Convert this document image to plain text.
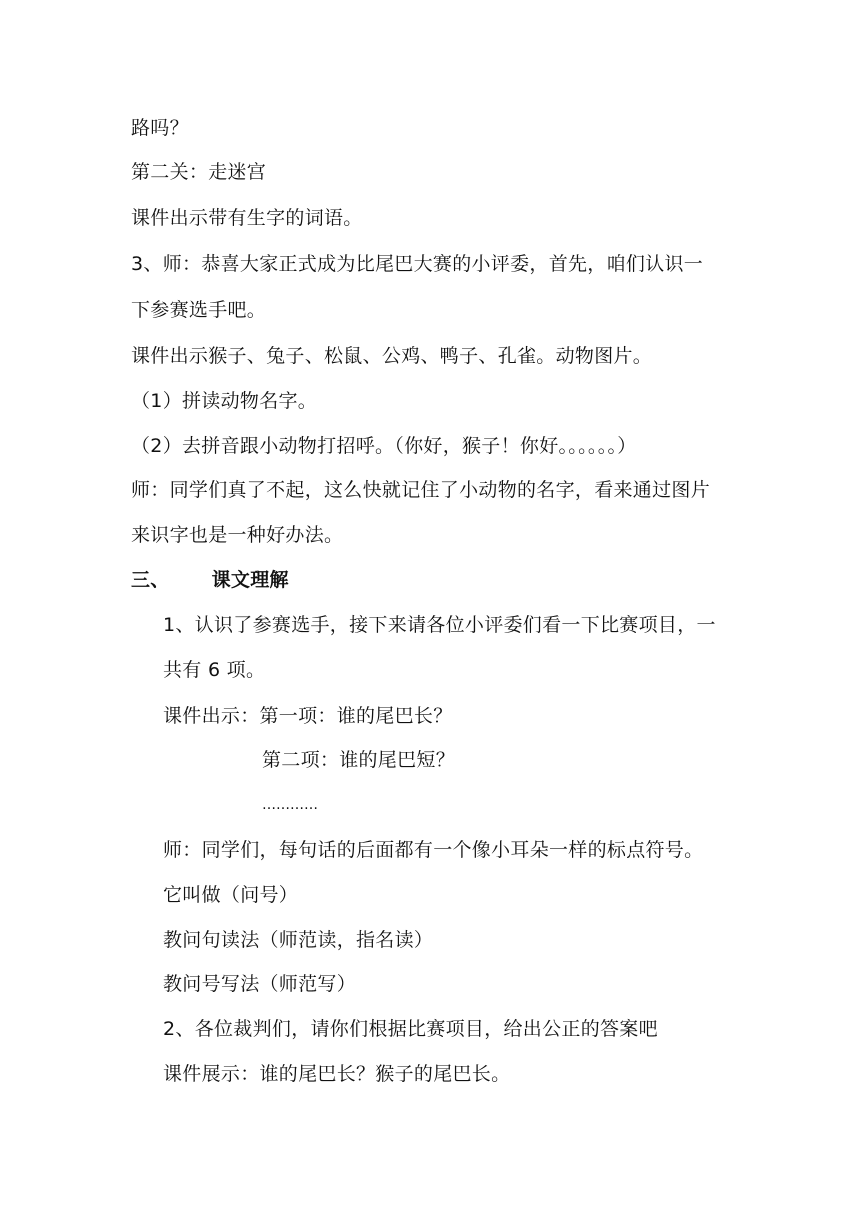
路吗？
第二关：走迷宫
课件出示带有生字的词语。
3、师：恭喜大家正式成为比尾巴大赛的小评委，首先，咱们认识一
下参赛选手吧。
课件出示猴子、兔子、松鼠、公鸡、鸭子、孔雀。动物图片。
（1）拼读动物名字。
（2）去拼音跟小动物打招呼。（你好，猴子！你好。。。。。。）
师：同学们真了不起，这么快就记住了小动物的名字，看来通过图片
来识字也是一种好办法。
三、 课文理解
1、认识了参赛选手，接下来请各位小评委们看一下比赛项目，一
共有 6 项。
课件出示：第一项：谁的尾巴长？
第二项：谁的尾巴短？
…………
师：同学们，每句话的后面都有一个像小耳朵一样的标点符号。
它叫做（问号）
教问句读法（师范读，指名读）
教问号写法（师范写）
2、各位裁判们，请你们根据比赛项目，给出公正的答案吧
课件展示：谁的尾巴长？猴子的尾巴长。
